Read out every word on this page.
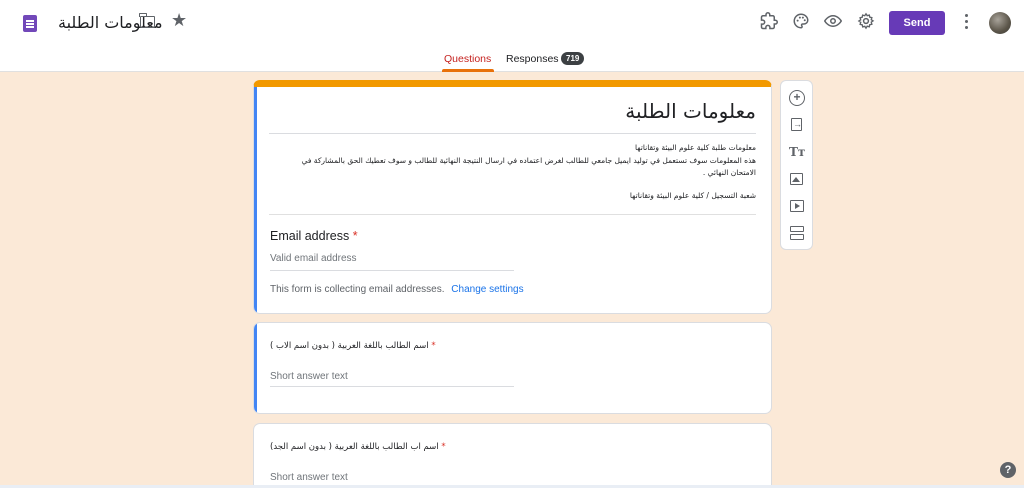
معلومات الطلبة ★	Send
Questions Responses 719
معلومات الطلبة
معلومات طلبة كلية علوم البيئة وتقاناتها
هذه المعلومات سوف تستعمل في توليد ايميل جامعي للطالب لغرض اعتماده في ارسال النتيجة النهائية للطالب و سوف تعطيك الحق بالمشاركة في الامتحان النهائي .
شعبة التسجيل / كلية علوم البيئة وتقاناتها
Email address *
Valid email address
This form is collecting email addresses. Change settings
اسم الطالب باللغة العربية ( بدون اسم الاب ) *
Short answer text
اسم اب الطالب باللغة العربية ( بدون اسم الجد) *
Short answer text
+
→
Tт
?
